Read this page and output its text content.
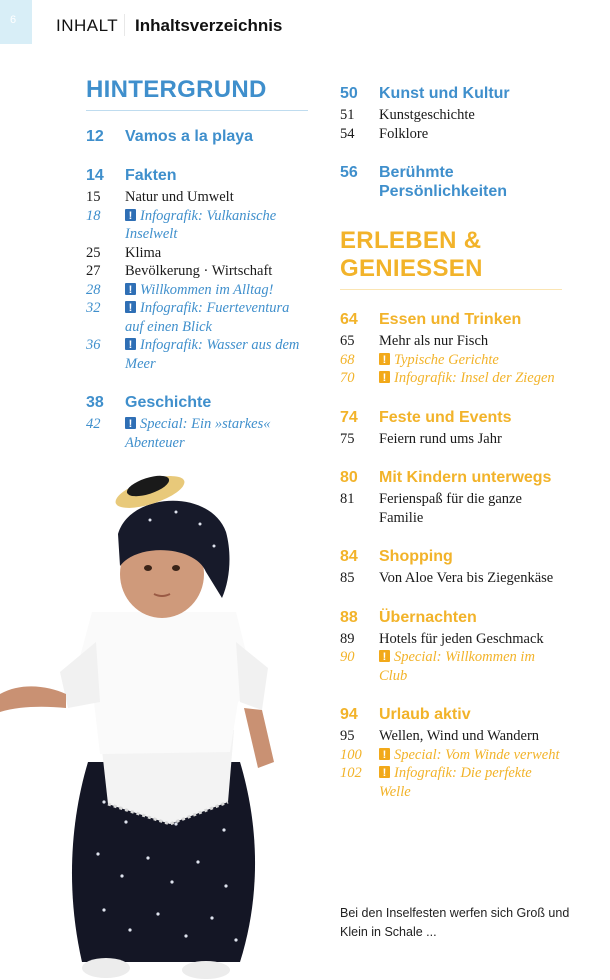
6 INHALT Inhaltsverzeichnis
HINTERGRUND
12	Vamos a la playa
14	Fakten
15	Natur und Umwelt
18 !	Infografik: Vulkanische Inselwelt
25	Klima
27	Bevölkerung · Wirtschaft
28 !	Willkommen im Alltag!
32 !	Infografik: Fuerteventura auf einen Blick
36 !	Infografik: Wasser aus dem Meer
38	Geschichte
42 !	Special: Ein »starkes« Abenteuer
50	Kunst und Kultur
51	Kunstgeschichte
54	Folklore
56	Berühmte Persönlichkeiten
ERLEBEN & GENIESSEN
64	Essen und Trinken
65	Mehr als nur Fisch
68 !	Typische Gerichte
70 !	Infografik: Insel der Ziegen
74	Feste und Events
75	Feiern rund ums Jahr
80	Mit Kindern unterwegs
81	Ferienspaß für die ganze Familie
84	Shopping
85	Von Aloe Vera bis Ziegenkäse
88	Übernachten
89	Hotels für jeden Geschmack
90 !	Special: Willkommen im Club
94	Urlaub aktiv
95	Wellen, Wind und Wandern
100 !	Special: Vom Winde verweht
102 !	Infografik: Die perfekte Welle
Bei den Inselfesten werfen sich Groß und Klein in Schale ...
